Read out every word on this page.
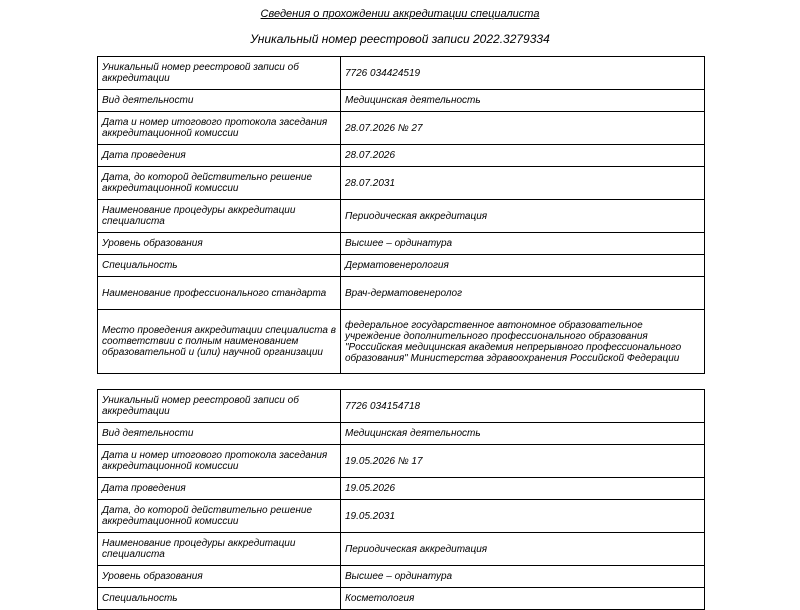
Сведения о прохождении аккредитации специалиста
Уникальный номер реестровой записи 2022.3279334
Уникальный номер реестровой записи об аккредитации	7726 034424519
Вид деятельности	Медицинская деятельность
Дата и номер итогового протокола заседания аккредитационной комиссии	28.07.2026 № 27
Дата проведения	28.07.2026
Дата, до которой действительно решение аккредитационной комиссии	28.07.2031
Наименование процедуры аккредитации специалиста	Периодическая аккредитация
Уровень образования	Высшее – ординатура
Специальность	Дерматовенерология
Наименование профессионального стандарта	Врач-дерматовенеролог
Место проведения аккредитации специалиста в соответствии с полным наименованием образовательной и (или) научной организации	федеральное государственное автономное образовательное учреждение дополнительного профессионального образования "Российская медицинская академия непрерывного профессионального образования" Министерства здравоохранения Российской Федерации
Уникальный номер реестровой записи об аккредитации	7726 034154718
Вид деятельности	Медицинская деятельность
Дата и номер итогового протокола заседания аккредитационной комиссии	19.05.2026 № 17
Дата проведения	19.05.2026
Дата, до которой действительно решение аккредитационной комиссии	19.05.2031
Наименование процедуры аккредитации специалиста	Периодическая аккредитация
Уровень образования	Высшее – ординатура
Специальность	Косметология
